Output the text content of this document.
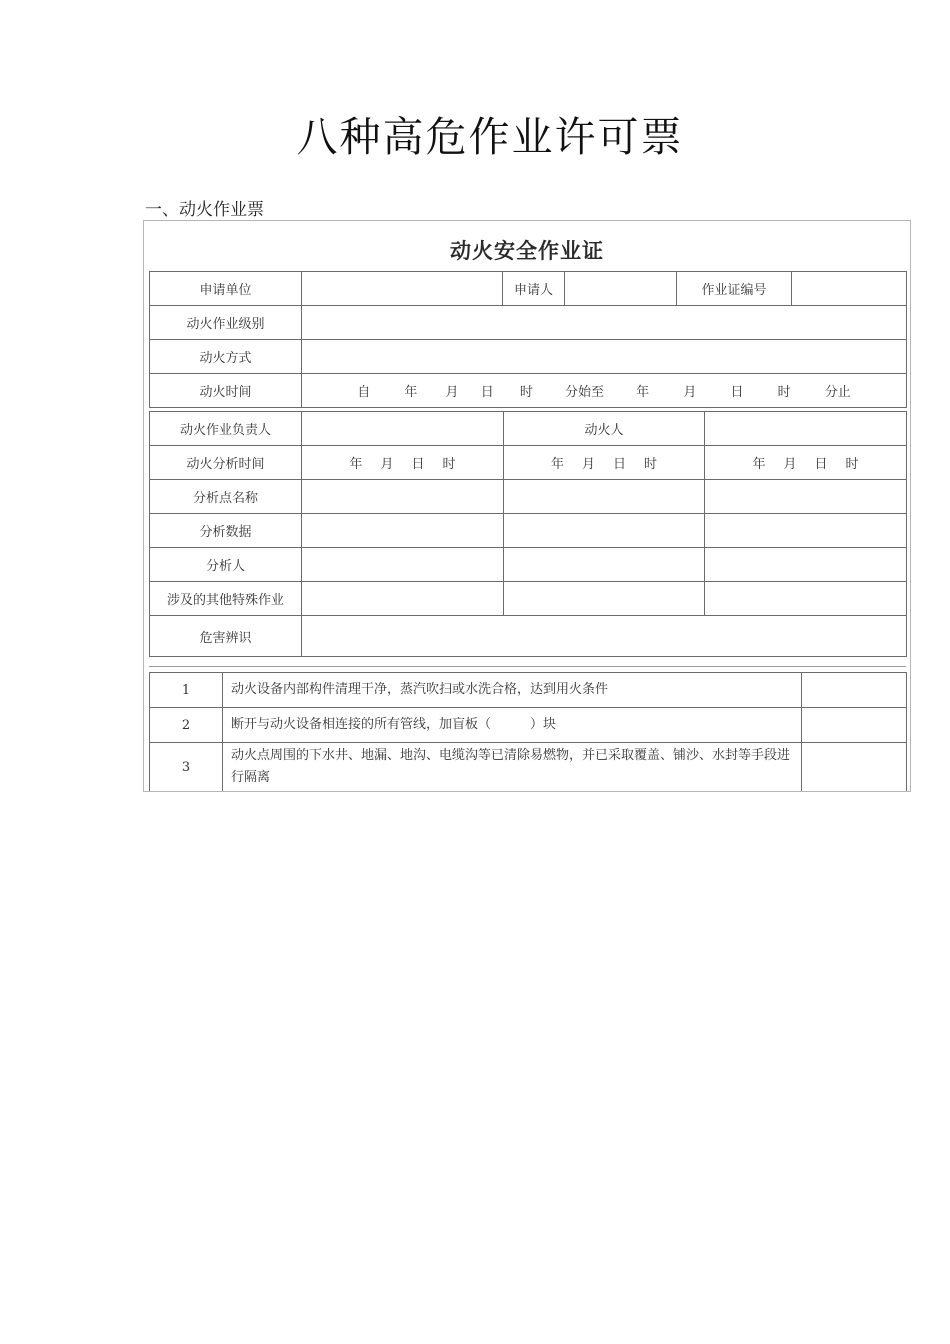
八种高危作业许可票
一、动火作业票
动火安全作业证
申请单位		申请人		作业证编号	
动火作业级别					
动火方式					
动火时间	自 年 月 日 时 分始至 年 月 日 时 分止				
动火作业负责人		动火人	
动火分析时间	年 月 日 时	年 月 日 时	年 月 日 时
分析点名称			
分析数据			
分析人			
涉及的其他特殊作业			
危害辨识			
1	动火设备内部构件清理干净，蒸汽吹扫或水洗合格，达到用火条件	
2	断开与动火设备相连接的所有管线，加盲板（　　　）块	
3	动火点周围的下水井、地漏、地沟、电缆沟等已清除易燃物，并已采取覆盖、铺沙、水封等手段进行隔离	
